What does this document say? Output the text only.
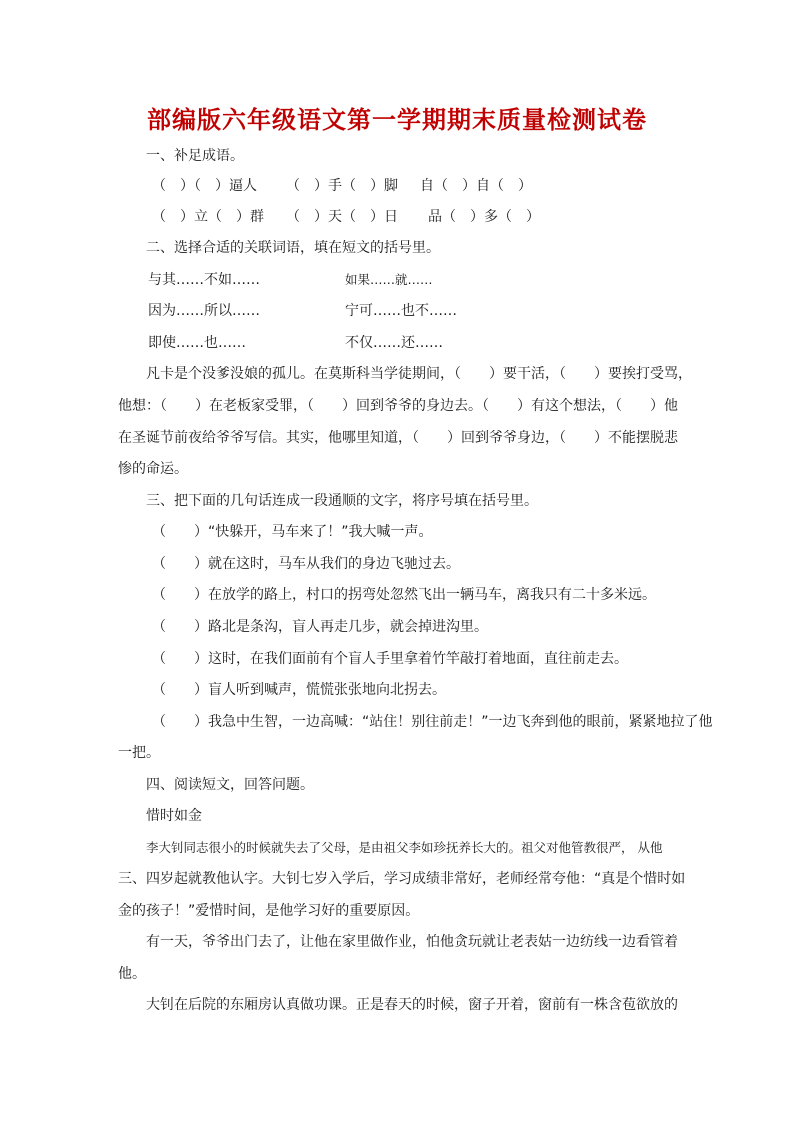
部编版六年级语文第一学期期末质量检测试卷
一、补足成语。
（　）（　）逼人 （　）手（　）脚 自（　）自（　）
（　）立（　）群 （　）天（　）日 品（　）多（　）
二、选择合适的关联词语，填在短文的括号里。
与其……不如……	如果……就……
因为……所以……	宁可……也不……
即使……也……	不仅……还……
凡卡是个没爹没娘的孤儿。在莫斯科当学徒期间，（　　）要干活，（　　）要挨打受骂，
他想：（　　）在老板家受罪，（　　）回到爷爷的身边去。（　　）有这个想法，（　　）他
在圣诞节前夜给爷爷写信。其实，他哪里知道，（　　）回到爷爷身边，（　　）不能摆脱悲
惨的命运。
三、把下面的几句话连成一段通顺的文字，将序号填在括号里。
（　　）“快躲开，马车来了！”我大喊一声。
（　　）就在这时，马车从我们的身边飞驰过去。
（　　）在放学的路上，村口的拐弯处忽然飞出一辆马车，离我只有二十多米远。
（　　）路北是条沟，盲人再走几步，就会掉进沟里。
（　　）这时，在我们面前有个盲人手里拿着竹竿敲打着地面，直往前走去。
（　　）盲人听到喊声，慌慌张张地向北拐去。
（　　）我急中生智，一边高喊：“站住！别往前走！”一边飞奔到他的眼前，紧紧地拉了他
一把。
四、阅读短文，回答问题。
惜时如金
李大钊同志很小的时候就失去了父母，是由祖父李如珍抚养长大的。祖父对他管教很严， 从他
三、四岁起就教他认字。大钊七岁入学后，学习成绩非常好，老师经常夸他：“真是个惜时如
金的孩子！”爱惜时间，是他学习好的重要原因。
有一天，爷爷出门去了，让他在家里做作业，怕他贪玩就让老表姑一边纺线一边看管着
他。
大钊在后院的东厢房认真做功课。正是春天的时候，窗子开着，窗前有一株含苞欲放的
